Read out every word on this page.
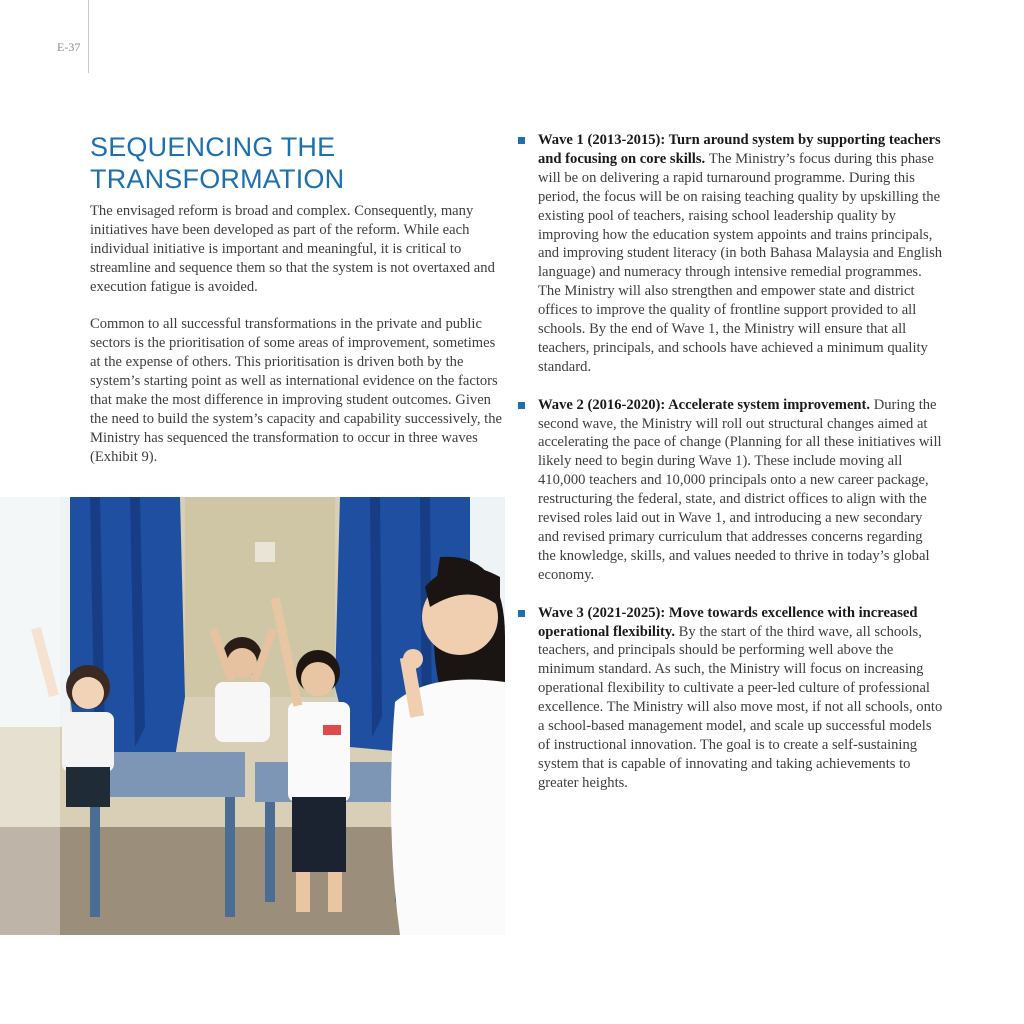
E-37
SEQUENCING THE
TRANSFORMATION

The envisaged reform is broad and complex. Consequently, many initiatives have been developed as part of the reform. While each individual initiative is important and meaningful, it is critical to streamline and sequence them so that the system is not overtaxed and execution fatigue is avoided.

Common to all successful transformations in the private and public sectors is the prioritisation of some areas of improvement, sometimes at the expense of others. This prioritisation is driven both by the system’s starting point as well as international evidence on the factors that make the most difference in improving student outcomes. Given the need to build the system’s capacity and capability successively, the Ministry has sequenced the transformation to occur in three waves (Exhibit 9).

Wave 1 (2013-2015): Turn around system by supporting teachers and focusing on core skills. The Ministry’s focus during this phase will be on delivering a rapid turnaround programme. During this period, the focus will be on raising teaching quality by upskilling the existing pool of teachers, raising school leadership quality by improving how the education system appoints and trains principals, and improving student literacy (in both Bahasa Malaysia and English language) and numeracy through intensive remedial programmes. The Ministry will also strengthen and empower state and district offices to improve the quality of frontline support provided to all schools. By the end of Wave 1, the Ministry will ensure that all teachers, principals, and schools have achieved a minimum quality standard.
Wave 2 (2016-2020): Accelerate system improvement. During the second wave, the Ministry will roll out structural changes aimed at accelerating the pace of change (Planning for all these initiatives will likely need to begin during Wave 1). These include moving all 410,000 teachers and 10,000 principals onto a new career package, restructuring the federal, state, and district offices to align with the revised roles laid out in Wave 1, and introducing a new secondary and revised primary curriculum that addresses concerns regarding the knowledge, skills, and values needed to thrive in today’s global economy.
Wave 3 (2021-2025): Move towards excellence with increased operational flexibility. By the start of the third wave, all schools, teachers, and principals should be performing well above the minimum standard. As such, the Ministry will focus on increasing operational flexibility to cultivate a peer-led culture of professional excellence. The Ministry will also move most, if not all schools, onto a school-based management model, and scale up successful models of instructional innovation. The goal is to create a self-sustaining system that is capable of innovating and taking achievements to greater heights.
